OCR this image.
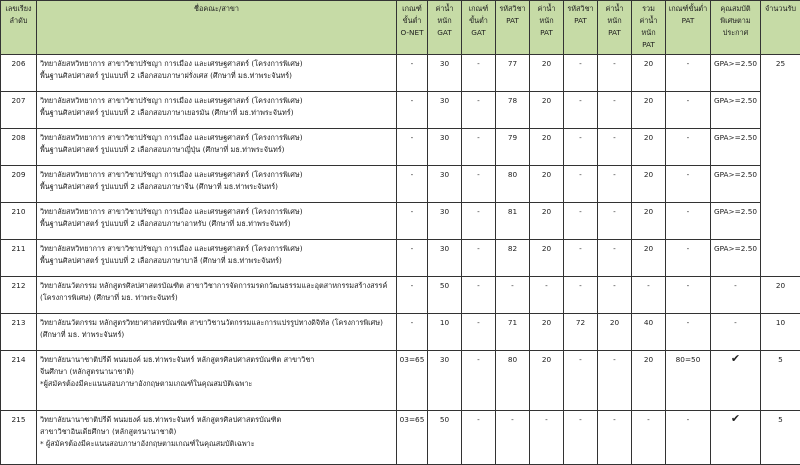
เลขเรียงลำดับ	ชื่อคณะ/สาขา	เกณฑ์ขั้นต่ำ O-NET	ค่าน้ำหนัก GAT	เกณฑ์ขั้นต่ำ GAT	รหัสวิชา PAT	ค่าน้ำหนัก PAT	รหัสวิชา PAT	ค่าน้ำหนัก PAT	รวมค่าน้ำหนัก PAT	เกณฑ์ขั้นต่ำ PAT	คุณสมบัติพิเศษตามประกาศ	จำนวนรับ
206	วิทยาลัยสหวิทยาการ สาขาวิชาปรัชญา การเมือง และเศรษฐศาสตร์ (โครงการพิเศษ)
พื้นฐานศิลปศาสตร์ รูปแบบที่ 2 เลือกสอบภาษาฝรั่งเศส (ศึกษาที่ มธ.ท่าพระจันทร์)	-	30	-	77	20	-	-	20	-	GPA>=2.50	25
207	วิทยาลัยสหวิทยาการ สาขาวิชาปรัชญา การเมือง และเศรษฐศาสตร์ (โครงการพิเศษ)
พื้นฐานศิลปศาสตร์ รูปแบบที่ 2 เลือกสอบภาษาเยอรมัน (ศึกษาที่ มธ.ท่าพระจันทร์)	-	30	-	78	20	-	-	20	-	GPA>=2.50	
208	วิทยาลัยสหวิทยาการ สาขาวิชาปรัชญา การเมือง และเศรษฐศาสตร์ (โครงการพิเศษ)
พื้นฐานศิลปศาสตร์ รูปแบบที่ 2 เลือกสอบภาษาญี่ปุ่น (ศึกษาที่ มธ.ท่าพระจันทร์)	-	30	-	79	20	-	-	20	-	GPA>=2.50	
209	วิทยาลัยสหวิทยาการ สาขาวิชาปรัชญา การเมือง และเศรษฐศาสตร์ (โครงการพิเศษ)
พื้นฐานศิลปศาสตร์ รูปแบบที่ 2 เลือกสอบภาษาจีน (ศึกษาที่ มธ.ท่าพระจันทร์)	-	30	-	80	20	-	-	20	-	GPA>=2.50	
210	วิทยาลัยสหวิทยาการ สาขาวิชาปรัชญา การเมือง และเศรษฐศาสตร์ (โครงการพิเศษ)
พื้นฐานศิลปศาสตร์ รูปแบบที่ 2 เลือกสอบภาษาอาหรับ (ศึกษาที่ มธ.ท่าพระจันทร์)	-	30	-	81	20	-	-	20	-	GPA>=2.50	
211	วิทยาลัยสหวิทยาการ สาขาวิชาปรัชญา การเมือง และเศรษฐศาสตร์ (โครงการพิเศษ)
พื้นฐานศิลปศาสตร์ รูปแบบที่ 2 เลือกสอบภาษาบาลี (ศึกษาที่ มธ.ท่าพระจันทร์)	-	30	-	82	20	-	-	20	-	GPA>=2.50	
212	วิทยาลัยนวัตกรรม หลักสูตรศิลปศาสตรบัณฑิต สาขาวิชาการจัดการมรดกวัฒนธรรมและอุตสาหกรรมสร้างสรรค์
(โครงการพิเศษ) (ศึกษาที่ มธ. ท่าพระจันทร์)	-	50	-	-	-	-	-	-	-	-	20
213	วิทยาลัยนวัตกรรม หลักสูตรวิทยาศาสตรบัณฑิต สาขาวิชานวัตกรรมและการแปรรูปทางดิจิทัล (โครงการพิเศษ)
(ศึกษาที่ มธ. ท่าพระจันทร์)	-	10	-	71	20	72	20	40	-	-	10
214	วิทยาลัยนานาชาติปรีดี พนมยงค์ มธ.ท่าพระจันทร์ หลักสูตรศิลปศาสตรบัณฑิต สาขาวิชา
จีนศึกษา (หลักสูตรนานาชาติ)
*ผู้สมัครต้องมีคะแนนสอบภาษาอังกฤษตามเกณฑ์ในคุณสมบัติเฉพาะ	03=65	30	-	80	20	-	-	20	80=50	✔	5
215	วิทยาลัยนานาชาติปรีดี พนมยงค์ มธ.ท่าพระจันทร์ หลักสูตรศิลปศาสตรบัณฑิต
สาขาวิชาอินเดียศึกษา (หลักสูตรนานาชาติ)
* ผู้สมัครต้องมีคะแนนสอบภาษาอังกฤษตามเกณฑ์ในคุณสมบัติเฉพาะ	03=65	50	-	-	-	-	-	-	-	✔	5
